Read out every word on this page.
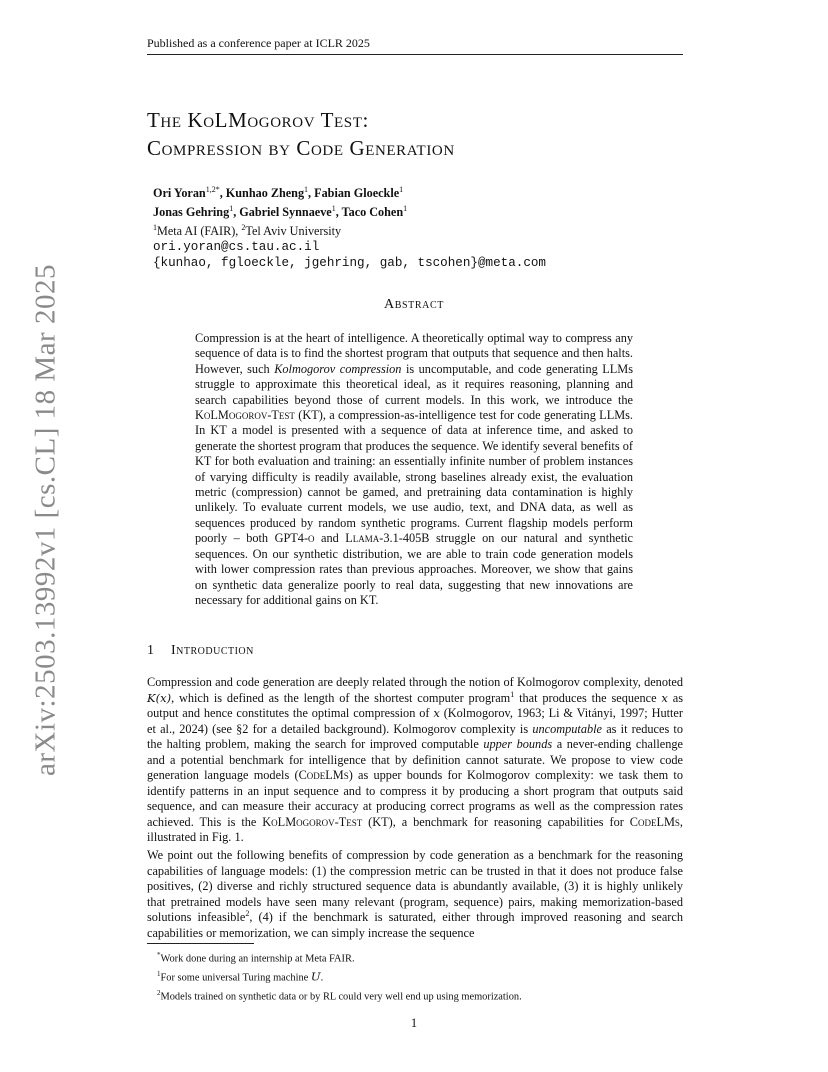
Published as a conference paper at ICLR 2025
arXiv:2503.13992v1 [cs.CL] 18 Mar 2025
The KoLMogorov Test:
Compression by Code Generation
Ori Yoran$^{1,2*}$, Kunhao Zheng$^1$, Fabian Gloeckle$^1$
Jonas Gehring$^1$, Gabriel Synnaeve$^1$, Taco Cohen$^1$
$^1$Meta AI (FAIR), $^2$Tel Aviv University
ori.yoran@cs.tau.ac.il
{kunhao, fgloeckle, jgehring, gab, tscohen}@meta.com
Abstract
Compression is at the heart of intelligence. A theoretically optimal way to compress any sequence of data is to find the shortest program that outputs that sequence and then halts. However, such Kolmogorov compression is uncomputable, and code generating LLMs struggle to approximate this theoretical ideal, as it requires reasoning, planning and search capabilities beyond those of current models. In this work, we introduce the KoLMogorov-Test (KT), a compression-as-intelligence test for code generating LLMs. In KT a model is presented with a sequence of data at inference time, and asked to generate the shortest program that produces the sequence. We identify several benefits of KT for both evaluation and training: an essentially infinite number of problem instances of varying difficulty is readily available, strong baselines already exist, the evaluation metric (compression) cannot be gamed, and pretraining data contamination is highly unlikely. To evaluate current models, we use audio, text, and DNA data, as well as sequences produced by random synthetic programs. Current flagship models perform poorly – both GPT4-o and Llama-3.1-405B struggle on our natural and synthetic sequences. On our synthetic distribution, we are able to train code generation models with lower compression rates than previous approaches. Moreover, we show that gains on synthetic data generalize poorly to real data, suggesting that new innovations are necessary for additional gains on KT.
1 Introduction
Compression and code generation are deeply related through the notion of Kolmogorov complexity, denoted K(x), which is defined as the length of the shortest computer program$^1$ that produces the sequence x as output and hence constitutes the optimal compression of x (Kolmogorov, 1963; Li & Vitányi, 1997; Hutter et al., 2024) (see §2 for a detailed background). Kolmogorov complexity is uncomputable as it reduces to the halting problem, making the search for improved computable upper bounds a never-ending challenge and a potential benchmark for intelligence that by definition cannot saturate. We propose to view code generation language models (CodeLMs) as upper bounds for Kolmogorov complexity: we task them to identify patterns in an input sequence and to compress it by producing a short program that outputs said sequence, and can measure their accuracy at producing correct programs as well as the compression rates achieved. This is the KoLMogorov-Test (KT), a benchmark for reasoning capabilities for CodeLMs, illustrated in Fig. 1.
We point out the following benefits of compression by code generation as a benchmark for the reasoning capabilities of language models: (1) the compression metric can be trusted in that it does not produce false positives, (2) diverse and richly structured sequence data is abundantly available, (3) it is highly unlikely that pretrained models have seen many relevant (program, sequence) pairs, making memorization-based solutions infeasible$^2$, (4) if the benchmark is saturated, either through improved reasoning and search capabilities or memorization, we can simply increase the sequence
*Work done during an internship at Meta FAIR.
$^1$For some universal Turing machine U.
$^2$Models trained on synthetic data or by RL could very well end up using memorization.
1
